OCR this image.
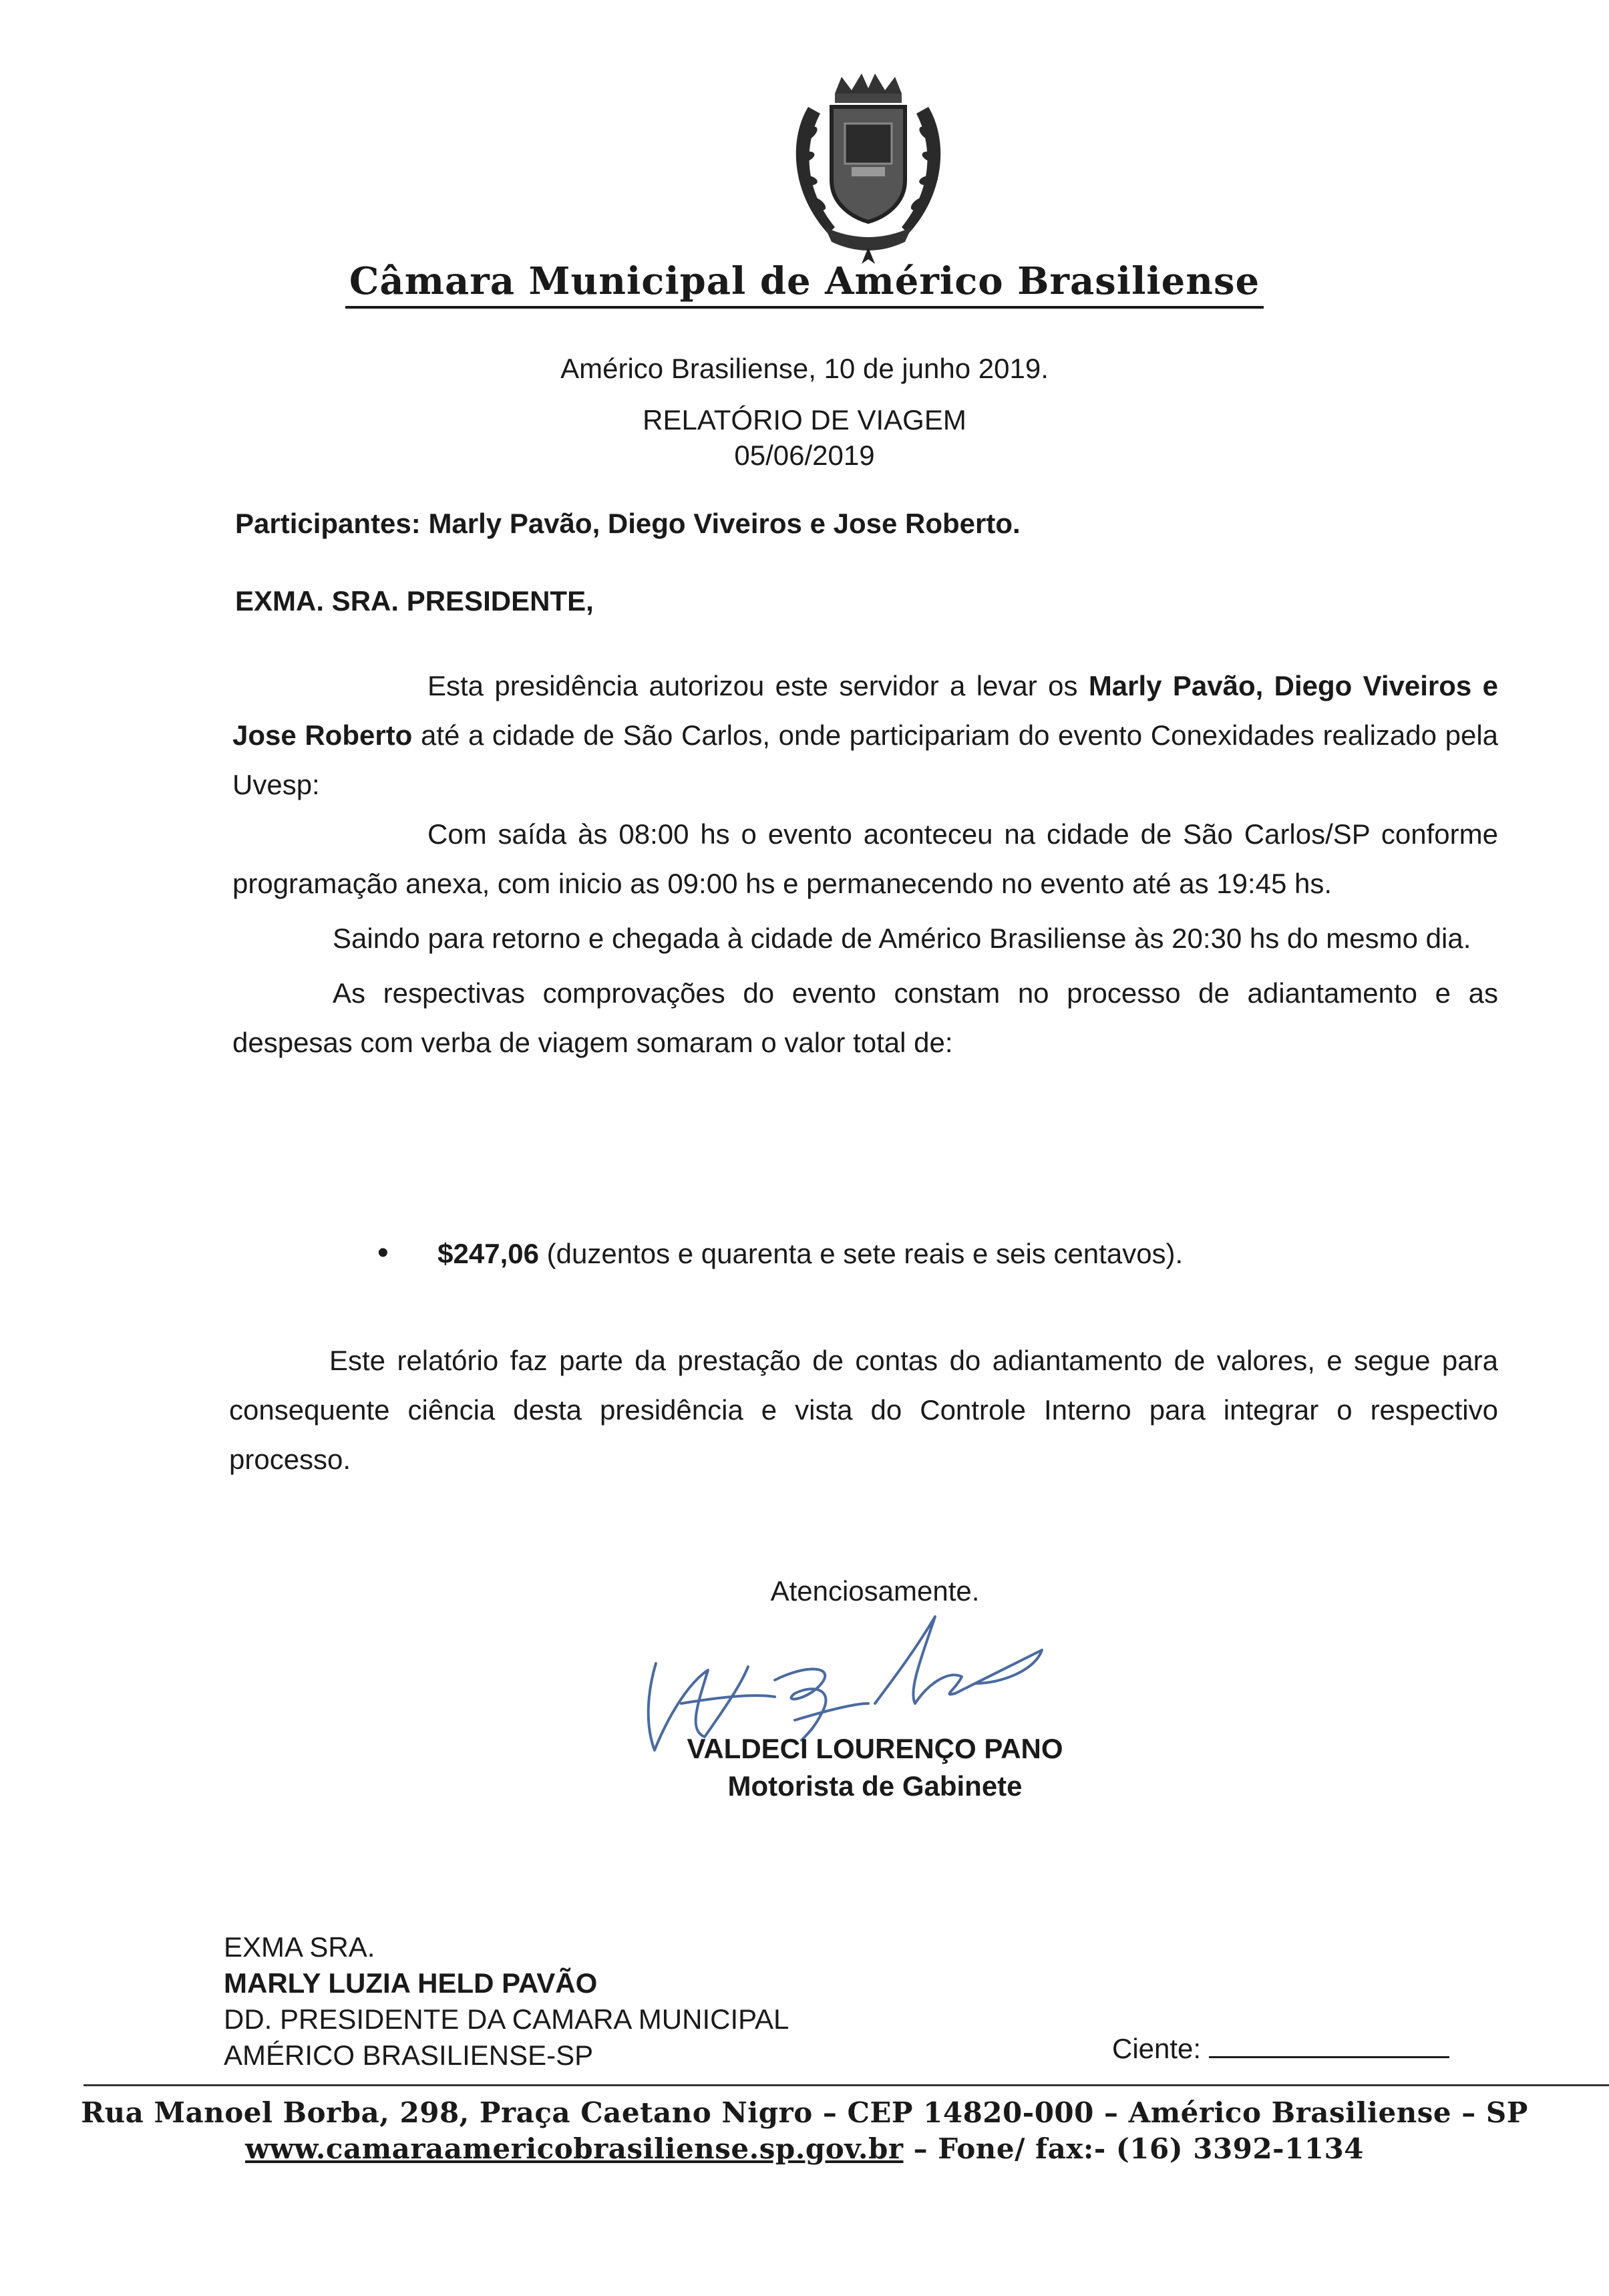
Câmara Municipal de Américo Brasiliense
Américo Brasiliense, 10 de junho 2019.
RELATÓRIO DE VIAGEM
05/06/2019
Participantes: Marly Pavão, Diego Viveiros e Jose Roberto.
EXMA. SRA. PRESIDENTE,
Esta presidência autorizou este servidor a levar os Marly Pavão, Diego Viveiros e Jose Roberto até a cidade de São Carlos, onde participariam do evento Conexidades realizado pela Uvesp:
Com saída às 08:00 hs o evento aconteceu na cidade de São Carlos/SP conforme programação anexa, com inicio as 09:00 hs e permanecendo no evento até as 19:45 hs.
Saindo para retorno e chegada à cidade de Américo Brasiliense às 20:30 hs do mesmo dia.
As respectivas comprovações do evento constam no processo de adiantamento e as despesas com verba de viagem somaram o valor total de:
• $247,06 (duzentos e quarenta e sete reais e seis centavos).
Este relatório faz parte da prestação de contas do adiantamento de valores, e segue para consequente ciência desta presidência e vista do Controle Interno para integrar o respectivo processo.
Atenciosamente.
VALDECI LOURENÇO PANO
Motorista de Gabinete
EXMA SRA.
MARLY LUZIA HELD PAVÃO
DD. PRESIDENTE DA CAMARA MUNICIPAL
AMÉRICO BRASILIENSE-SP	Ciente:
Rua Manoel Borba, 298, Praça Caetano Nigro – CEP 14820-000 – Américo Brasiliense – SP
www.camaraamericobrasiliense.sp.gov.br – Fone/ fax:- (16) 3392-1134
